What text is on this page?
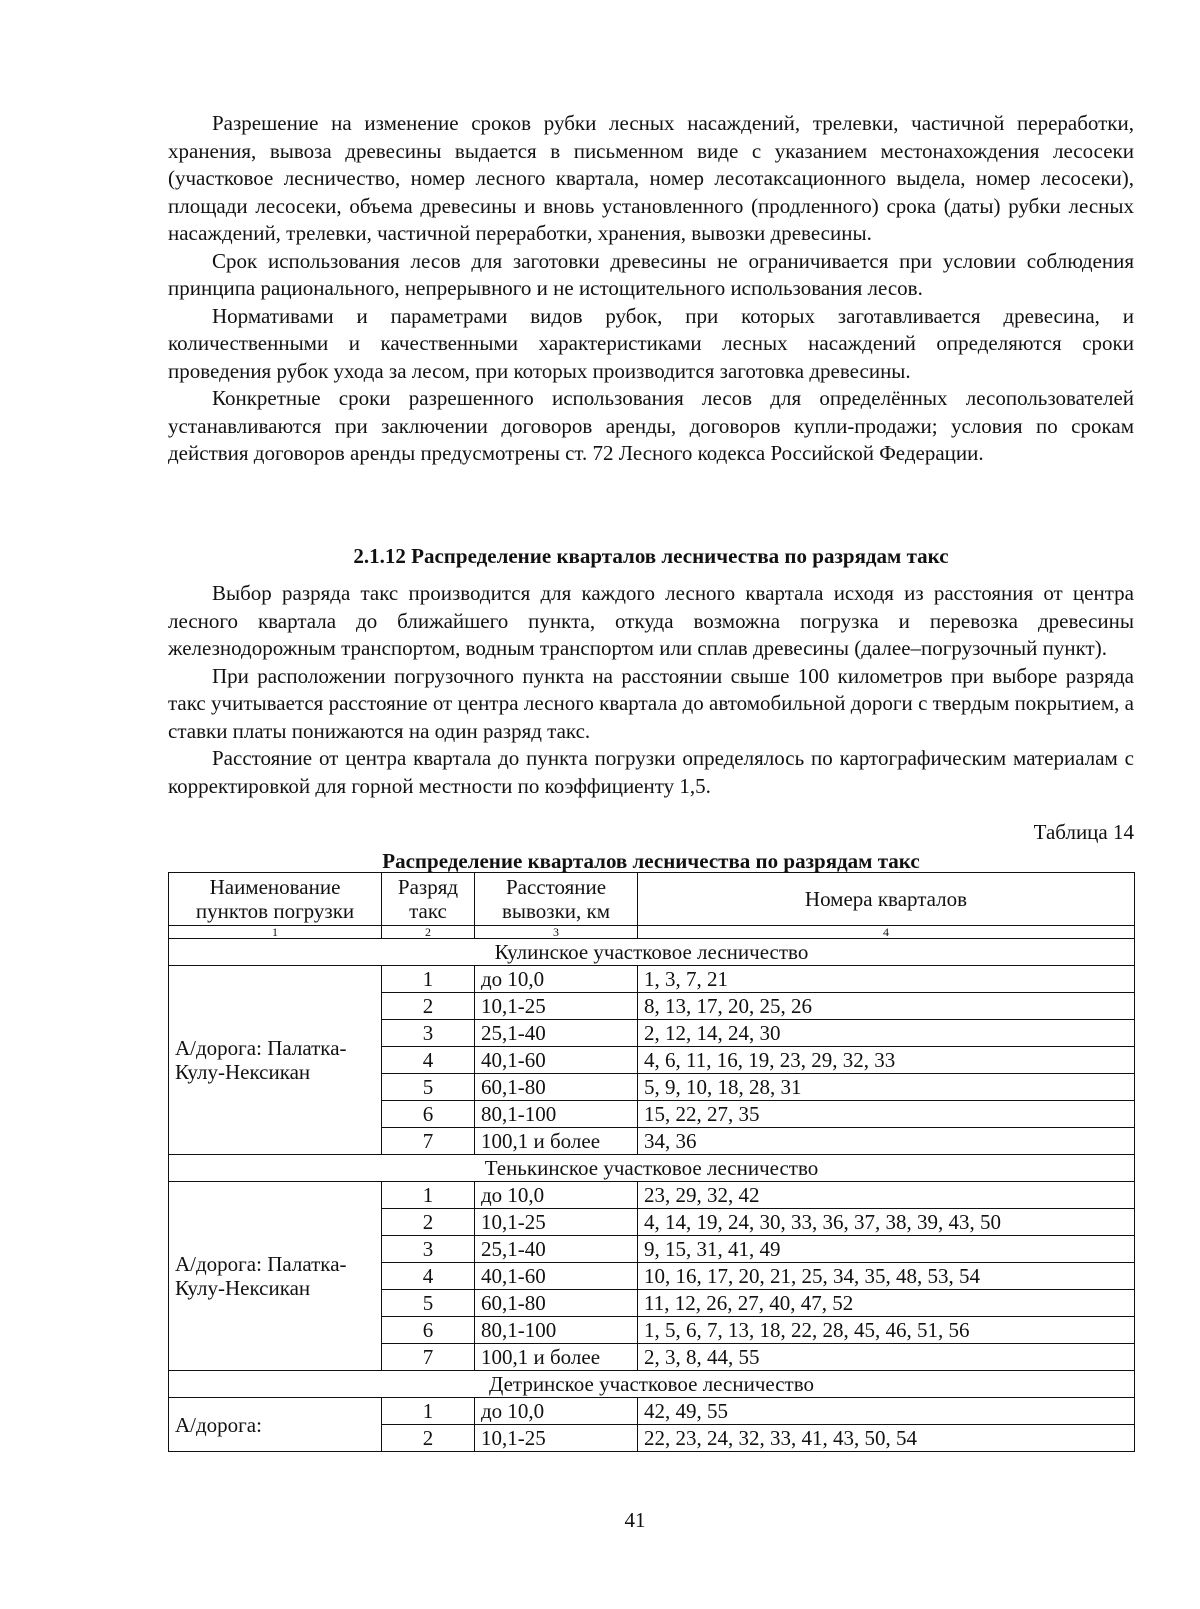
Разрешение на изменение сроков рубки лесных насаждений, трелевки, частичной переработки, хранения, вывоза древесины выдается в письменном виде с указанием местонахождения лесосеки (участковое лесничество, номер лесного квартала, номер лесотаксационного выдела, номер лесосеки), площади лесосеки, объема древесины и вновь установленного (продленного) срока (даты) рубки лесных насаждений, трелевки, частичной переработки, хранения, вывозки древесины.

Срок использования лесов для заготовки древесины не ограничивается при условии соблюдения принципа рационального, непрерывного и не истощительного использования лесов.

Нормативами и параметрами видов рубок, при которых заготавливается древесина, и количественными и качественными характеристиками лесных насаждений определяются сроки проведения рубок ухода за лесом, при которых производится заготовка древесины.

Конкретные сроки разрешенного использования лесов для определённых лесопользователей устанавливаются при заключении договоров аренды, договоров купли-продажи; условия по срокам действия договоров аренды предусмотрены ст. 72 Лесного кодекса Российской Федерации.

2.1.12 Распределение кварталов лесничества по разрядам такс

Выбор разряда такс производится для каждого лесного квартала исходя из расстояния от центра лесного квартала до ближайшего пункта, откуда возможна погрузка и перевозка древесины железнодорожным транспортом, водным транспортом или сплав древесины (далее–погрузочный пункт).

При расположении погрузочного пункта на расстоянии свыше 100 километров при выборе разряда такс учитывается расстояние от центра лесного квартала до автомобильной дороги с твердым покрытием, а ставки платы понижаются на один разряд такс.

Расстояние от центра квартала до пункта погрузки определялось по картографическим материалам с корректировкой для горной местности по коэффициенту 1,5.

Таблица 14
Распределение кварталов лесничества по разрядам такс
Наименование пунктов погрузки	Разряд такс	Расстояние вывозки, км	Номера кварталов
1	2	3	4
Кулинское участковое лесничество			
А/дорога: Палатка-Кулу-Нексикан	1	до 10,0	1, 3, 7, 21
	2	10,1-25	8, 13, 17, 20, 25, 26
	3	25,1-40	2, 12, 14, 24, 30
	4	40,1-60	4, 6, 11, 16, 19, 23, 29, 32, 33
	5	60,1-80	5, 9, 10, 18, 28, 31
	6	80,1-100	15, 22, 27, 35
	7	100,1 и более	34, 36
Тенькинское участковое лесничество			
А/дорога: Палатка-Кулу-Нексикан	1	до 10,0	23, 29, 32, 42
	2	10,1-25	4, 14, 19, 24, 30, 33, 36, 37, 38, 39, 43, 50
	3	25,1-40	9, 15, 31, 41, 49
	4	40,1-60	10, 16, 17, 20, 21, 25, 34, 35, 48, 53, 54
	5	60,1-80	11, 12, 26, 27, 40, 47, 52
	6	80,1-100	1, 5, 6, 7, 13, 18, 22, 28, 45, 46, 51, 56
	7	100,1 и более	2, 3, 8, 44, 55
Детринское участковое лесничество			
А/дорога:	1	до 10,0	42, 49, 55
	2	10,1-25	22, 23, 24, 32, 33, 41, 43, 50, 54
41
